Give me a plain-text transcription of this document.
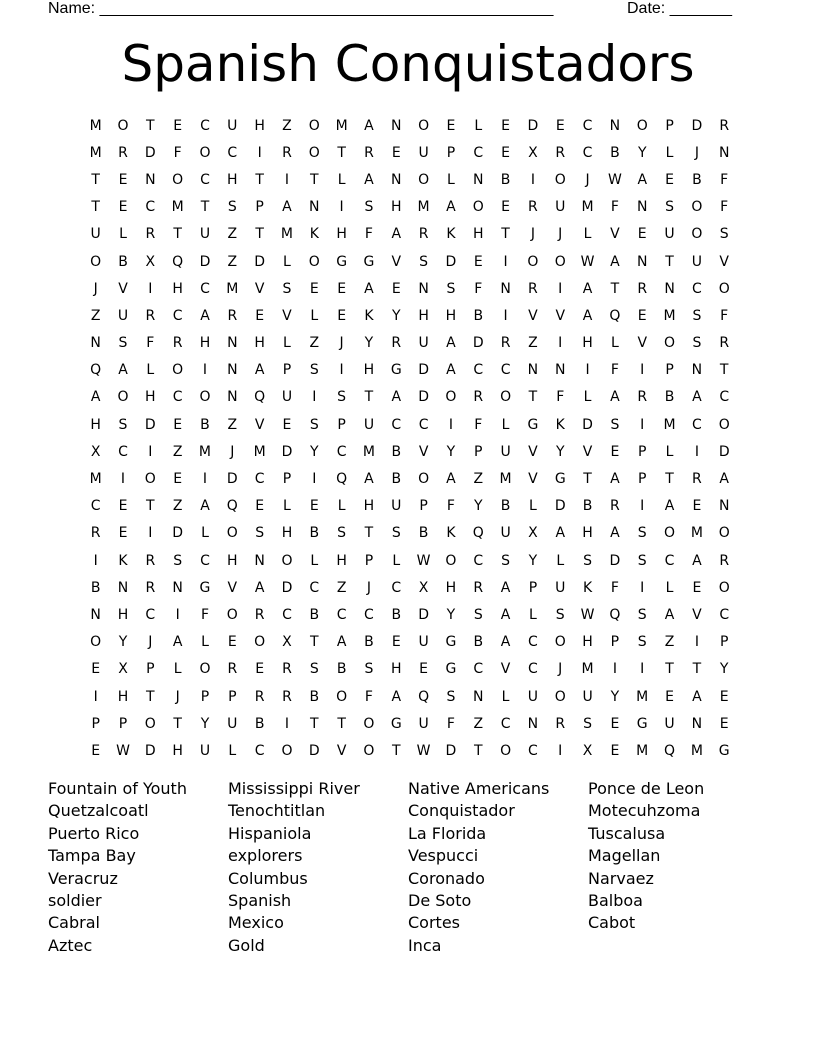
Name: ___________________________________________________	Date: _______
Spanish Conquistadors
M	O	T	E	C	U	H	Z	O	M	A	N	O	E	L	E	D	E	C	N	O	P	D	R
M	R	D	F	O	C	I	R	O	T	R	E	U	P	C	E	X	R	C	B	Y	L	J	N
T	E	N	O	C	H	T	I	T	L	A	N	O	L	N	B	I	O	J	W	A	E	B	F
T	E	C	M	T	S	P	A	N	I	S	H	M	A	O	E	R	U	M	F	N	S	O	F
U	L	R	T	U	Z	T	M	K	H	F	A	R	K	H	T	J	J	L	V	E	U	O	S
O	B	X	Q	D	Z	D	L	O	G	G	V	S	D	E	I	O	O	W	A	N	T	U	V
J	V	I	H	C	M	V	S	E	E	A	E	N	S	F	N	R	I	A	T	R	N	C	O
Z	U	R	C	A	R	E	V	L	E	K	Y	H	H	B	I	V	V	A	Q	E	M	S	F
N	S	F	R	H	N	H	L	Z	J	Y	R	U	A	D	R	Z	I	H	L	V	O	S	R
Q	A	L	O	I	N	A	P	S	I	H	G	D	A	C	C	N	N	I	F	I	P	N	T
A	O	H	C	O	N	Q	U	I	S	T	A	D	O	R	O	T	F	L	A	R	B	A	C
H	S	D	E	B	Z	V	E	S	P	U	C	C	I	F	L	G	K	D	S	I	M	C	O
X	C	I	Z	M	J	M	D	Y	C	M	B	V	Y	P	U	V	Y	V	E	P	L	I	D
M	I	O	E	I	D	C	P	I	Q	A	B	O	A	Z	M	V	G	T	A	P	T	R	A
C	E	T	Z	A	Q	E	L	E	L	H	U	P	F	Y	B	L	D	B	R	I	A	E	N
R	E	I	D	L	O	S	H	B	S	T	S	B	K	Q	U	X	A	H	A	S	O	M	O
I	K	R	S	C	H	N	O	L	H	P	L	W	O	C	S	Y	L	S	D	S	C	A	R
B	N	R	N	G	V	A	D	C	Z	J	C	X	H	R	A	P	U	K	F	I	L	E	O
N	H	C	I	F	O	R	C	B	C	C	B	D	Y	S	A	L	S	W	Q	S	A	V	C
O	Y	J	A	L	E	O	X	T	A	B	E	U	G	B	A	C	O	H	P	S	Z	I	P
E	X	P	L	O	R	E	R	S	B	S	H	E	G	C	V	C	J	M	I	I	T	T	Y
I	H	T	J	P	P	R	R	B	O	F	A	Q	S	N	L	U	O	U	Y	M	E	A	E
P	P	O	T	Y	U	B	I	T	T	O	G	U	F	Z	C	N	R	S	E	G	U	N	E
E	W	D	H	U	L	C	O	D	V	O	T	W	D	T	O	C	I	X	E	M	Q	M	G
Fountain of Youth
Quetzalcoatl
Puerto Rico
Tampa Bay
Veracruz
soldier
Cabral
Aztec
Mississippi River
Tenochtitlan
Hispaniola
explorers
Columbus
Spanish
Mexico
Gold
Native Americans
Conquistador
La Florida
Vespucci
Coronado
De Soto
Cortes
Inca
Ponce de Leon
Motecuhzoma
Tuscalusa
Magellan
Narvaez
Balboa
Cabot
